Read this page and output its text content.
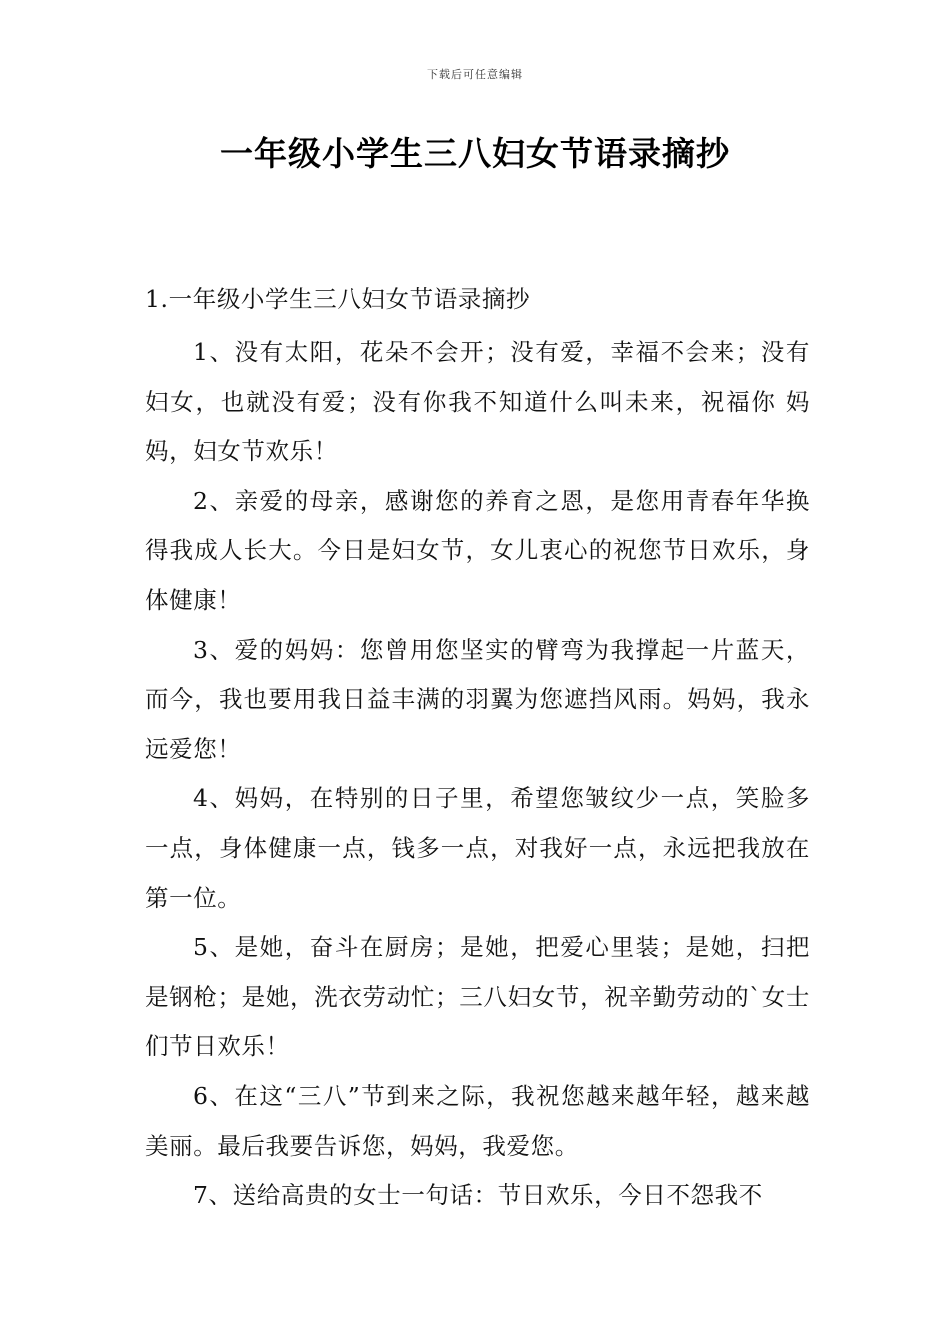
下载后可任意编辑
一年级小学生三八妇女节语录摘抄

1.一年级小学生三八妇女节语录摘抄

1、没有太阳，花朵不会开；没有爱，幸福不会来；没有妇女，也就没有爱；没有你我不知道什么叫未来，祝福你 妈妈，妇女节欢乐！

2、亲爱的母亲，感谢您的养育之恩，是您用青春年华换得我成人长大。今日是妇女节，女儿衷心的祝您节日欢乐，身体健康！

3、爱的妈妈：您曾用您坚实的臂弯为我撑起一片蓝天，而今，我也要用我日益丰满的羽翼为您遮挡风雨。妈妈，我永远爱您！

4、妈妈，在特别的日子里，希望您皱纹少一点，笑脸多一点，身体健康一点，钱多一点，对我好一点，永远把我放在第一位。

5、是她，奋斗在厨房；是她，把爱心里装；是她，扫把是钢枪；是她，洗衣劳动忙；三八妇女节，祝辛勤劳动的`女士们节日欢乐！

6、在这“三八”节到来之际，我祝您越来越年轻，越来越美丽。最后我要告诉您，妈妈，我爱您。

7、送给高贵的女士一句话：节日欢乐，今日不怨我不
